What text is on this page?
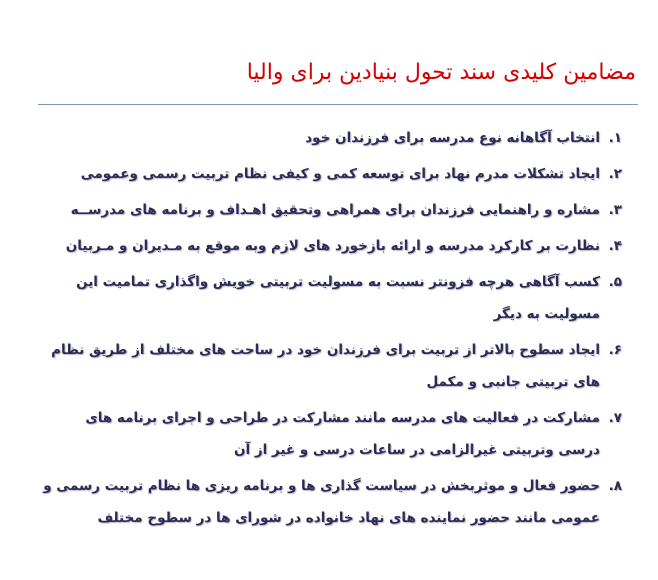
مضامین کلیدی سند تحول بنیادین برای والیا
۱.
انتخاب آگاهانه نوع مدرسه برای فرزندان خود
۲.
ایجاد تشکلات مدرم نهاد برای توسعه کمی و کیفی نظام تربیت رسمی وعمومی
۳.
مشاره و راهنمایی فرزندان برای همراهی وتحقیق اهـداف و برنامه های مدرســه
۴.
نظارت بر کارکرد مدرسه و ارائه بازخورد های لازم وبه موقع به مـدیران و مـربیان
۵.
کسب آگاهی هرچه فزونتر نسبت به مسولیت تربیتی خویش واگذاری تمامیت این مسولیت به دیگر
۶.
ایجاد سطوح بالاتر از تربیت برای فرزندان خود در ساحت های مختلف از طریق نظام های تربیتی جانبی و مکمل
۷.
مشارکت در فعالیت های مدرسه مانند مشارکت در طراحی و اجرای برنامه های درسی وتربیتی غیرالزامی در ساعات درسی و غیر از آن
۸.
حضور فعال و موثربخش در سیاست گذاری ها و برنامه ریزی ها نظام تربیت رسمی و عمومی مانند حضور نماینده های نهاد خانواده در شورای ها در سطوح مختلف
